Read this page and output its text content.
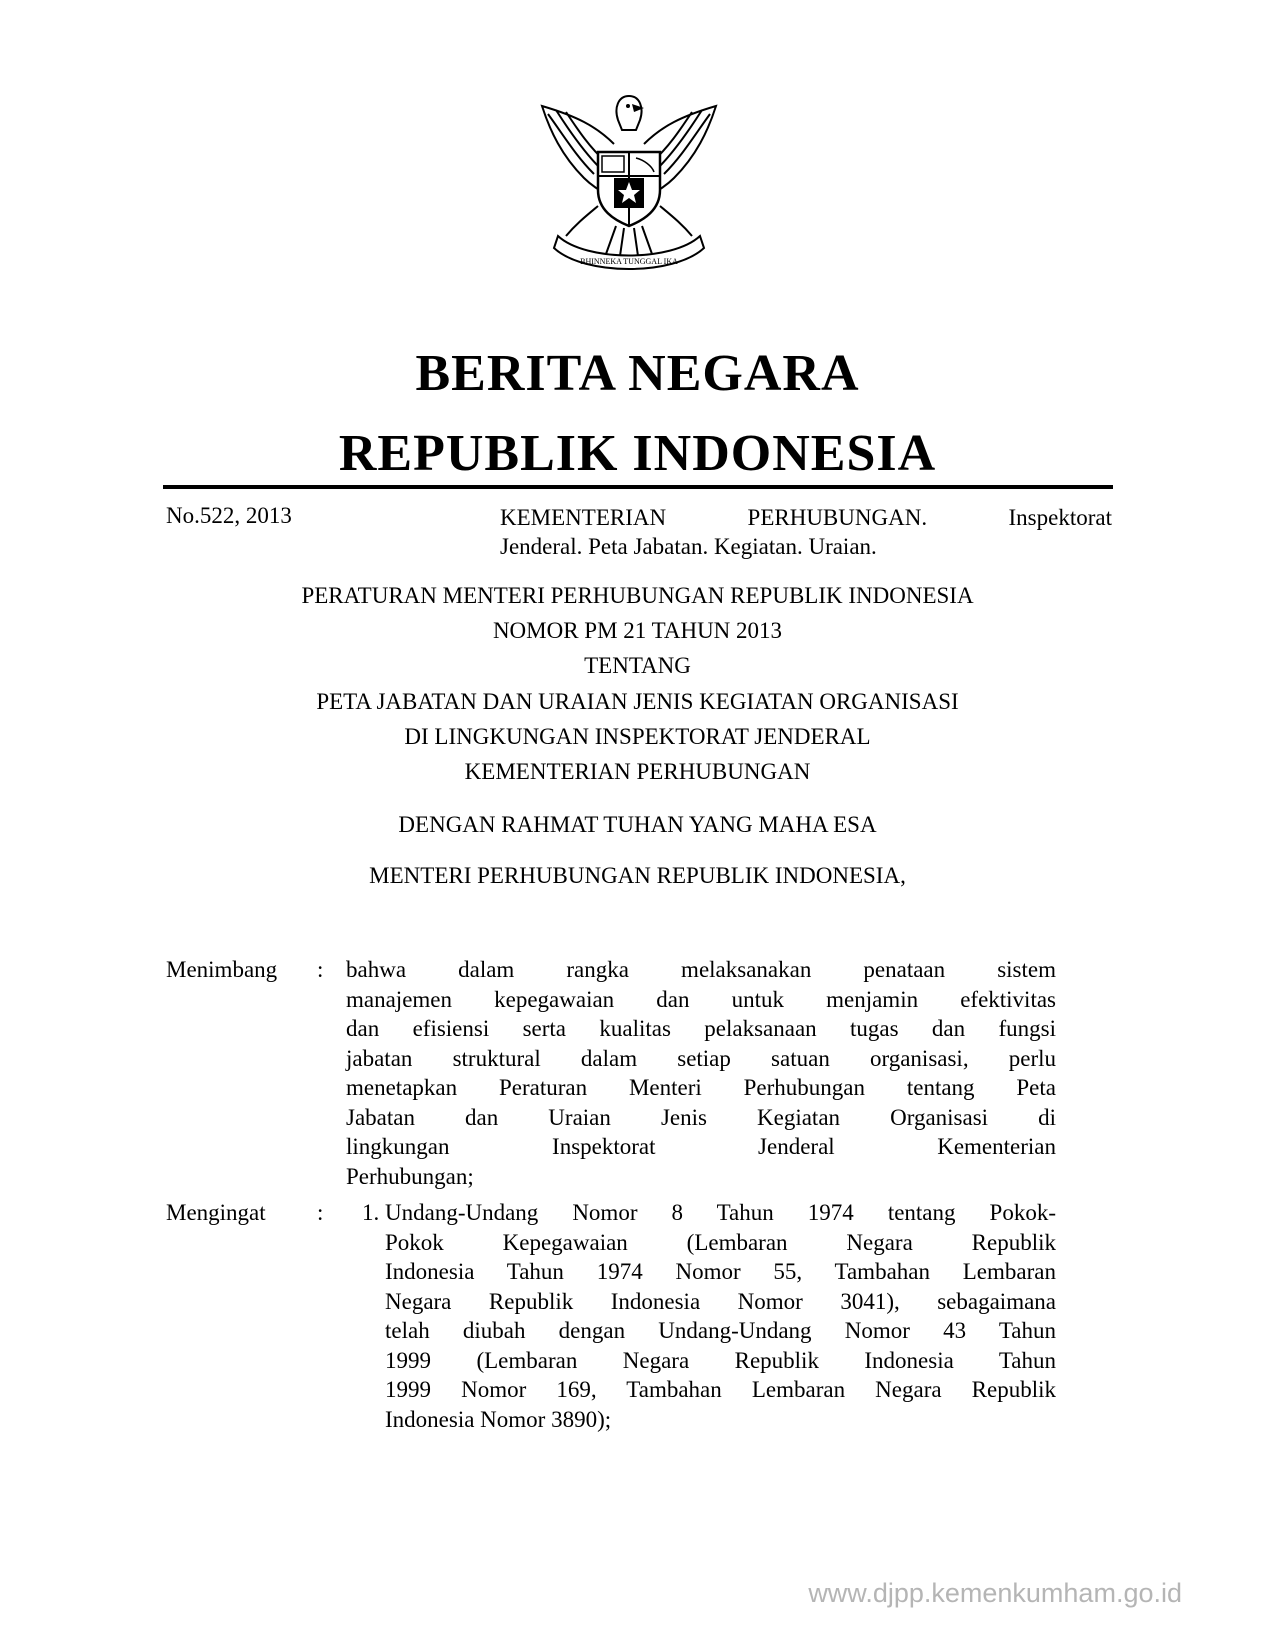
BHINNEKA TUNGGAL IKA
BERITA NEGARA
REPUBLIK INDONESIA
No.522, 2013	KEMENTERIAN PERHUBUNGAN. Inspektorat
Jenderal. Peta Jabatan. Kegiatan. Uraian.
PERATURAN MENTERI PERHUBUNGAN REPUBLIK INDONESIA
NOMOR PM 21 TAHUN 2013
TENTANG
PETA JABATAN DAN URAIAN JENIS KEGIATAN ORGANISASI
DI LINGKUNGAN INSPEKTORAT JENDERAL
KEMENTERIAN PERHUBUNGAN
DENGAN RAHMAT TUHAN YANG MAHA ESA
MENTERI PERHUBUNGAN REPUBLIK INDONESIA,
Menimbang : bahwa dalam rangka melaksanakan penataan sistem
manajemen kepegawaian dan untuk menjamin efektivitas
dan efisiensi serta kualitas pelaksanaan tugas dan fungsi
jabatan struktural dalam setiap satuan organisasi, perlu
menetapkan Peraturan Menteri Perhubungan tentang Peta
Jabatan dan Uraian Jenis Kegiatan Organisasi di
lingkungan Inspektorat Jenderal Kementerian
Perhubungan;
Mengingat : 1. Undang-Undang Nomor 8 Tahun 1974 tentang Pokok-
Pokok Kepegawaian (Lembaran Negara Republik
Indonesia Tahun 1974 Nomor 55, Tambahan Lembaran
Negara Republik Indonesia Nomor 3041), sebagaimana
telah diubah dengan Undang-Undang Nomor 43 Tahun
1999 (Lembaran Negara Republik Indonesia Tahun
1999 Nomor 169, Tambahan Lembaran Negara Republik
Indonesia Nomor 3890);
www.djpp.kemenkumham.go.id
